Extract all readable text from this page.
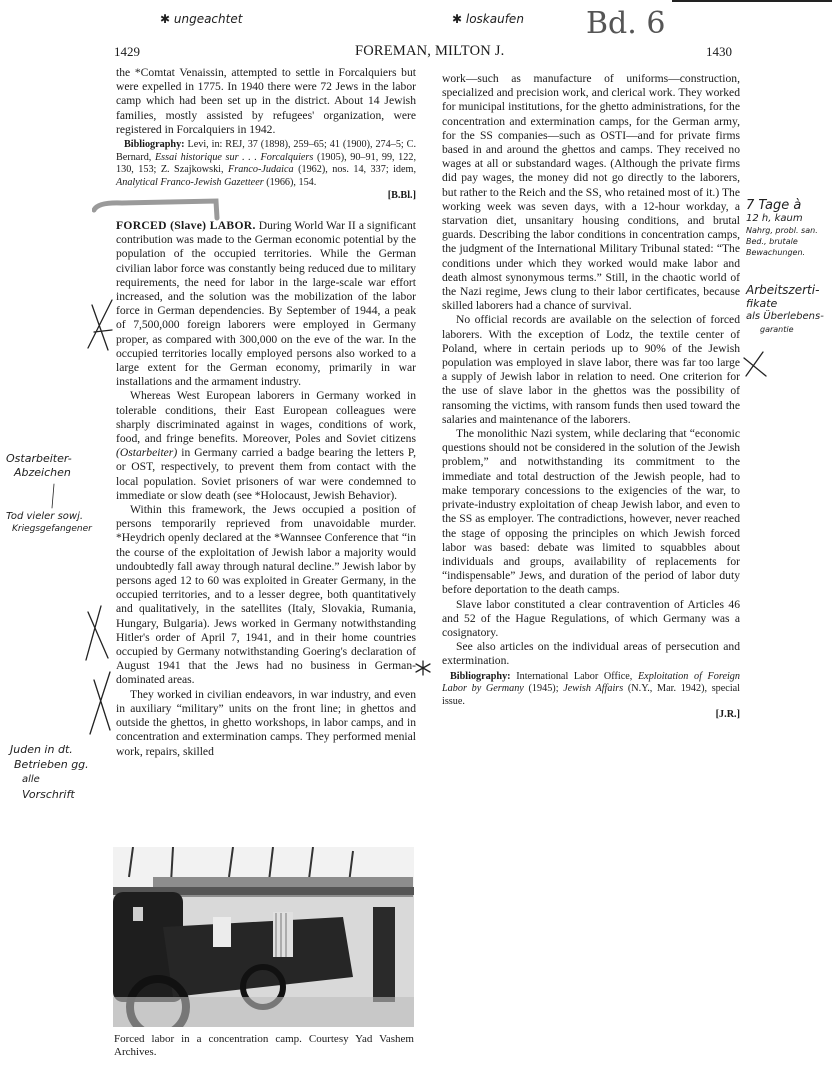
1429	FOREMAN, MILTON J.	1430
✱ ungeachtet	✱ loskaufen Bd. 6

the *Comtat Venaissin, attempted to settle in Forcalquiers but were expelled in 1775. In 1940 there were 72 Jews in the labor camp which had been set up in the district. About 14 Jewish families, mostly assisted by refugees' organization, were registered in Forcalquiers in 1942.

Bibliography: Levi, in: REJ, 37 (1898), 259–65; 41 (1900), 274–5; C. Bernard, Essai historique sur . . . Forcalquiers (1905), 90–91, 99, 122, 130, 153; Z. Szajkowski, Franco-Judaica (1962), nos. 14, 337; idem, Analytical Franco-Jewish Gazetteer (1966), 154.
[B.Bl.]

FORCED (Slave) LABOR. During World War II a significant contribution was made to the German economic potential by the population of the occupied territories. While the German civilian labor force was constantly being reduced due to military requirements, the need for labor in the large-scale war effort increased, and the solution was the mobilization of the labor force in German dependencies. By September of 1944, a peak of 7,500,000 foreign laborers were employed in Germany proper, as compared with 300,000 on the eve of the war. In the occupied territories locally employed persons also worked to a large extent for the German economy, primarily in war installations and the armament industry.

Whereas West European laborers in Germany worked in tolerable conditions, their East European colleagues were sharply discriminated against in wages, conditions of work, food, and fringe benefits. Moreover, Poles and Soviet citizens (Ostarbeiter) in Germany carried a badge bearing the letters P, or OST, respectively, to prevent them from contact with the local population. Soviet prisoners of war were condemned to immediate or slow death (see *Holocaust, Jewish Behavior).

Within this framework, the Jews occupied a position of persons temporarily reprieved from unavoidable murder. *Heydrich openly declared at the *Wannsee Conference that “in the course of the exploitation of Jewish labor a majority would undoubtedly fall away through natural decline.” Jewish labor by persons aged 12 to 60 was exploited in Greater Germany, in the occupied territories, and to a lesser degree, both quantitatively and qualitatively, in the satellites (Italy, Slovakia, Rumania, Hungary, Bulgaria). Jews worked in Germany notwithstanding Hitler's order of April 7, 1941, and in their home countries occupied by Germany notwithstanding Goering's declaration of August 1941 that the Jews had no business in German-dominated areas.

They worked in civilian endeavors, in war industry, and even in auxiliary “military” units on the front line; in ghettos and outside the ghettos, in ghetto workshops, in labor camps, and in concentration and extermination camps. They performed menial work, repairs, skilled

work—such as manufacture of uniforms—construction, specialized and precision work, and clerical work. They worked for municipal institutions, for the ghetto administrations, for the concentration and extermination camps, for the German army, for the SS companies—such as OSTI—and for private firms based in and around the ghettos and camps. They received no wages at all or substandard wages. (Although the private firms did pay wages, the money did not go directly to the laborers, but rather to the Reich and the SS, who retained most of it.) The working week was seven days, with a 12-hour workday, a starvation diet, unsanitary housing conditions, and brutal guards. Describing the labor conditions in concentration camps, the judgment of the International Military Tribunal stated: “The conditions under which they worked would make labor and death almost synonymous terms.” Still, in the chaotic world of the Nazi regime, Jews clung to their labor certificates, because skilled laborers had a chance of survival.

No official records are available on the selection of forced laborers. With the exception of Lodz, the textile center of Poland, where in certain periods up to 90% of the Jewish population was employed in slave labor, there was far too large a supply of Jewish labor in relation to need. One criterion for the use of slave labor in the ghettos was the possibility of ransoming the victims, with ransom funds then used toward the salaries and maintenance of the laborers.

The monolithic Nazi system, while declaring that “economic questions should not be considered in the solution of the Jewish problem,” and notwithstanding its commitment to the immediate and total destruction of the Jewish people, had to make temporary concessions to the exigencies of the war, to private-industry exploitation of cheap Jewish labor, and even to the SS as employer. The contradictions, however, never reached the stage of opposing the principles on which Jewish forced labor was based: debate was limited to squabbles about individuals and groups, availability of replacements for “indispensable” Jews, and duration of the period of labor duty before deportation to the death camps.

Slave labor constituted a clear contravention of Articles 46 and 52 of the Hague Regulations, of which Germany was a cosignatory.

See also articles on the individual areas of persecution and extermination.

Bibliography: International Labor Office, Exploitation of Foreign Labor by Germany (1945); Jewish Affairs (N.Y., Mar. 1942), special issue.
[J.R.]

7 Tage à
12 h, kaum
Nahrg, probl. san.
Bed., brutale
Bewachungen.
Arbeitszerti-
fikate
als Überlebens-
garantie
Ostarbeiter-
Abzeichen
Tod vieler sowj.
Kriegsgefangener
Juden in dt.
Betrieben gg.
alle
Vorschrift
Forced labor in a concentration camp. Courtesy Yad Vashem Archives.
